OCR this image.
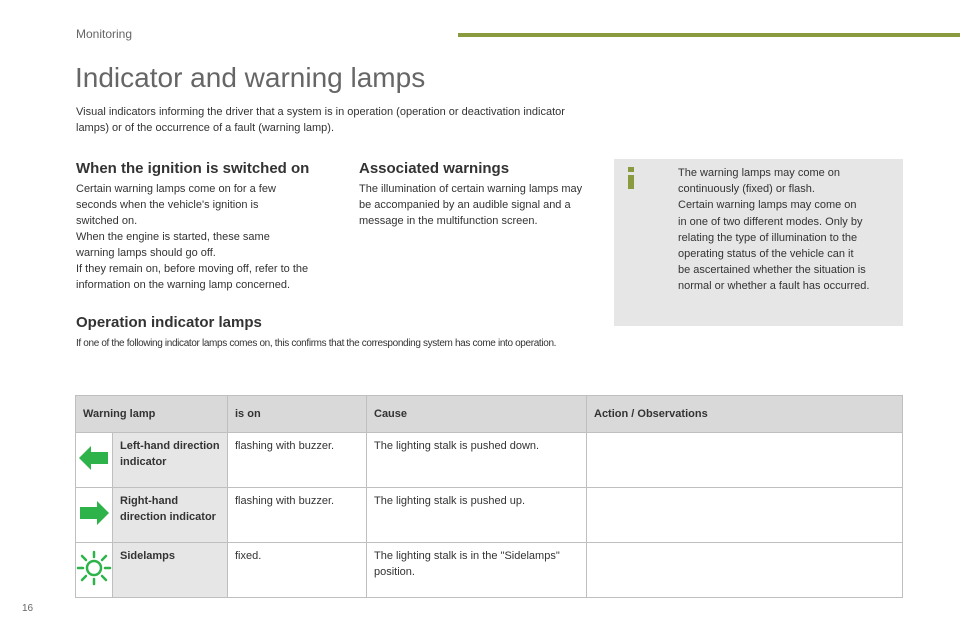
Monitoring
Indicator and warning lamps

Visual indicators informing the driver that a system is in operation (operation or deactivation indicator lamps) or of the occurrence of a fault (warning lamp).

When the ignition is switched on

Certain warning lamps come on for a few
seconds when the vehicle's ignition is
switched on.
When the engine is started, these same
warning lamps should go off.
If they remain on, before moving off, refer to the
information on the warning lamp concerned.

Associated warnings

The illumination of certain warning lamps may
be accompanied by an audible signal and a
message in the multifunction screen.

The warning lamps may come on
continuously (fixed) or flash.
Certain warning lamps may come on
in one of two different modes. Only by
relating the type of illumination to the
operating status of the vehicle can it
be ascertained whether the situation is
normal or whether a fault has occurred.

Operation indicator lamps

If one of the following indicator lamps comes on, this confirms that the corresponding system has come into operation.

Warning lamp		is on	Cause	Action / Observations
	Left-hand direction indicator	flashing with buzzer.	The lighting stalk is pushed down.	
	Right-hand direction indicator	flashing with buzzer.	The lighting stalk is pushed up.	
	Sidelamps	fixed.	The lighting stalk is in the "Sidelamps" position.	
16
